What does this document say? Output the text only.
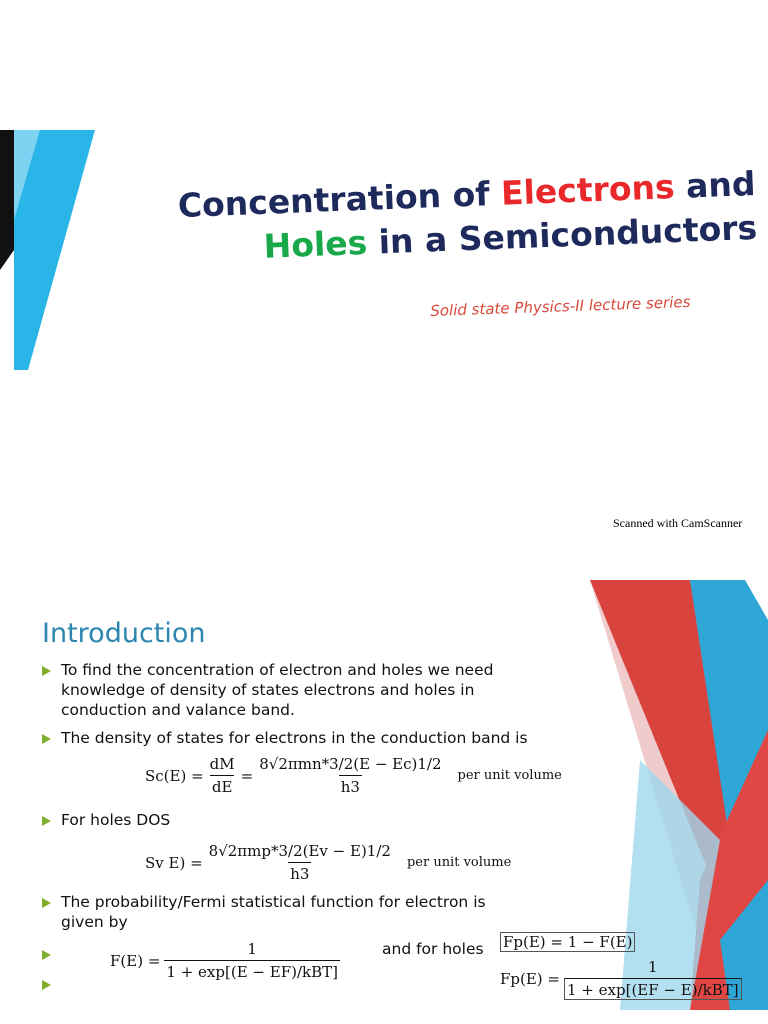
Concentration of Electrons and
Holes in a Semiconductors
Solid state Physics-II lecture series
Scanned with CamScanner
Introduction
To find the concentration of electron and holes we need knowledge of density of states electrons and holes in conduction and valance band.
The density of states for electrons in the conduction band is
$Sc(E) = \frac{dM}{dE} = \frac{\text{8√2πmn*3/2(E − Ec)1/2}}{h3}$ per unit volume
For holes DOS
Sv $E) = \frac{\text{8√2πmp*3/2(Ev − E)1/2}}{h3}$ per unit volume
The probability/Fermi statistical function for electron is given by
$F(E) = \frac{1}{\text{1 + exp[(E − EF)/kBT]}}$	and for holes Fp(E) = 1 − F(E)
$Fp(E) = \frac{1}{\text{1 + exp[(EF − E)/kBT]}}$
